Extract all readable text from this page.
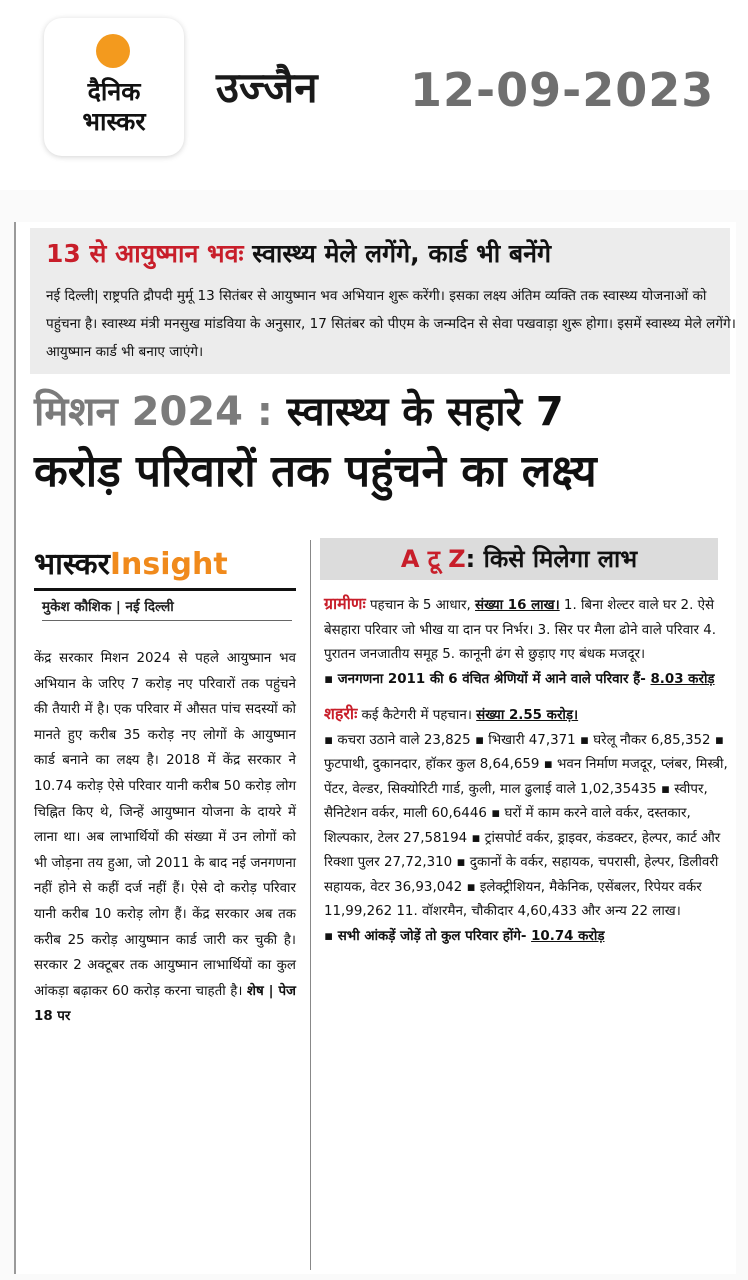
दैनिक
भास्कर
उज्जैन 12-09-2023
13 से आयुष्मान भवः स्वास्थ्य मेले लगेंगे, कार्ड भी बनेंगे
नई दिल्ली| राष्ट्रपति द्रौपदी मुर्मू 13 सितंबर से आयुष्मान भव अभियान शुरू करेंगी। इसका लक्ष्य अंतिम व्यक्ति तक स्वास्थ्य योजनाओं को पहुंचना है। स्वास्थ्य मंत्री मनसुख मांडविया के अनुसार, 17 सितंबर को पीएम के जन्मदिन से सेवा पखवाड़ा शुरू होगा। इसमें स्वास्थ्य मेले लगेंगे। आयुष्मान कार्ड भी बनाए जाएंगे।
मिशन 2024 : स्वास्थ्य के सहारे 7
करोड़ परिवारों तक पहुंचने का लक्ष्य
भास्करInsight
मुकेश कौशिक | नई दिल्ली
केंद्र सरकार मिशन 2024 से पहले आयुष्मान भव अभियान के जरिए 7 करोड़ नए परिवारों तक पहुंचने की तैयारी में है। एक परिवार में औसत पांच सदस्यों को मानते हुए करीब 35 करोड़ नए लोगों के आयुष्मान कार्ड बनाने का लक्ष्य है। 2018 में केंद्र सरकार ने 10.74 करोड़ ऐसे परिवार यानी करीब 50 करोड़ लोग चिह्नित किए थे, जिन्हें आयुष्मान योजना के दायरे में लाना था। अब लाभार्थियों की संख्या में उन लोगों को भी जोड़ना तय हुआ, जो 2011 के बाद नई जनगणना नहीं होने से कहीं दर्ज नहीं हैं। ऐसे दो करोड़ परिवार यानी करीब 10 करोड़ लोग हैं। केंद्र सरकार अब तक करीब 25 करोड़ आयुष्मान कार्ड जारी कर चुकी है। सरकार 2 अक्टूबर तक आयुष्मान लाभार्थियों का कुल आंकड़ा बढ़ाकर 60 करोड़ करना चाहती है। शेष | पेज 18 पर
A टू Z: किसे मिलेगा लाभ

ग्रामीणः पहचान के 5 आधार, संख्या 16 लाख। 1. बिना शेल्टर वाले घर 2. ऐसे बेसहारा परिवार जो भीख या दान पर निर्भर। 3. सिर पर मैला ढोने वाले परिवार 4. पुरातन जनजातीय समूह 5. कानूनी ढंग से छुड़ाए गए बंधक मजदूर।

▪ जनगणना 2011 की 6 वंचित श्रेणियों में आने वाले परिवार हैं- 8.03 करोड़

शहरीः कई कैटेगरी में पहचान। संख्या 2.55 करोड़।

▪ कचरा उठाने वाले 23,825 ▪ भिखारी 47,371 ▪ घरेलू नौकर 6,85,352 ▪ फुटपाथी, दुकानदार, हॉकर कुल 8,64,659 ▪ भवन निर्माण मजदूर, प्लंबर, मिस्त्री, पेंटर, वेल्डर, सिक्योरिटी गार्ड, कुली, माल ढुलाई वाले 1,02,35435 ▪ स्वीपर, सैनिटेशन वर्कर, माली 60,6446 ▪ घरों में काम करने वाले वर्कर, दस्तकार, शिल्पकार, टेलर 27,58194 ▪ ट्रांसपोर्ट वर्कर, ड्राइवर, कंडक्टर, हेल्पर, कार्ट और रिक्शा पुलर 27,72,310 ▪ दुकानों के वर्कर, सहायक, चपरासी, हेल्पर, डिलीवरी सहायक, वेटर 36,93,042 ▪ इलेक्ट्रीशियन, मैकेनिक, एसेंबलर, रिपेयर वर्कर 11,99,262 11. वॉशरमैन, चौकीदार 4,60,433 और अन्य 22 लाख।

▪ सभी आंकड़ें जोड़ें तो कुल परिवार होंगे- 10.74 करोड़
